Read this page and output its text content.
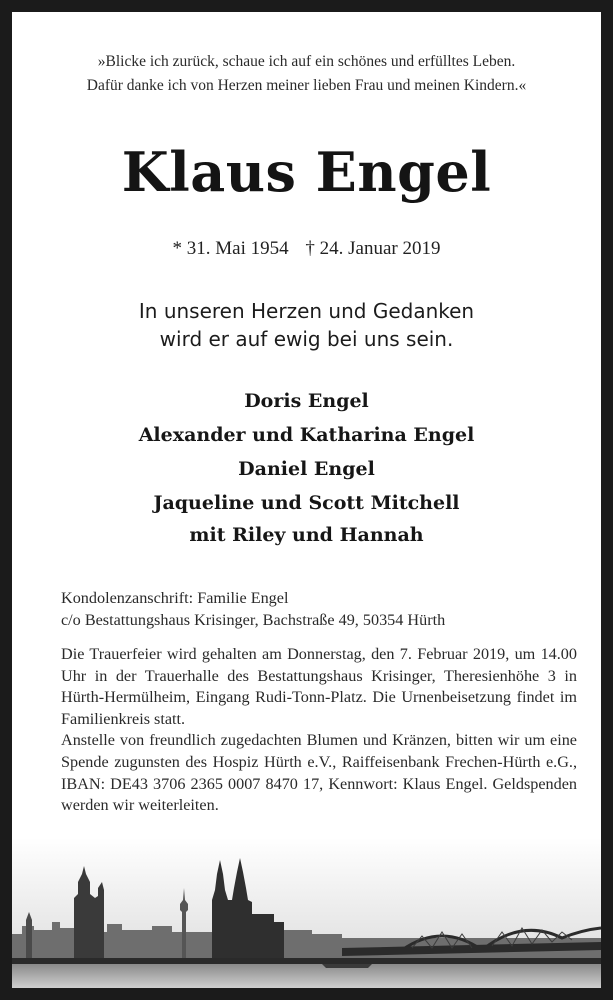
»Blicke ich zurück, schaue ich auf ein schönes und erfülltes Leben.
Dafür danke ich von Herzen meiner lieben Frau und meinen Kindern.«
Klaus Engel
* 31. Mai 1954 † 24. Januar 2019
In unseren Herzen und Gedanken
wird er auf ewig bei uns sein.
Doris Engel
Alexander und Katharina Engel
Daniel Engel
Jaqueline und Scott Mitchell
mit Riley und Hannah
Kondolenzanschrift: Familie Engel
c/o Bestattungshaus Krisinger, Bachstraße 49, 50354 Hürth

Die Trauerfeier wird gehalten am Donnerstag, den 7. Februar 2019, um 14.00 Uhr in der Trauerhalle des Bestattungshaus Krisinger, Theresienhöhe 3 in Hürth-Hermülheim, Eingang Rudi-Tonn-Platz. Die Urnenbeisetzung findet im Familienkreis statt.

Anstelle von freundlich zugedachten Blumen und Kränzen, bitten wir um eine Spende zugunsten des Hospiz Hürth e.V., Raiffeisenbank Frechen-Hürth e.G., IBAN: DE43 3706 2365 0007 8470 17, Kennwort: Klaus Engel. Geldspenden werden wir weiterleiten.
